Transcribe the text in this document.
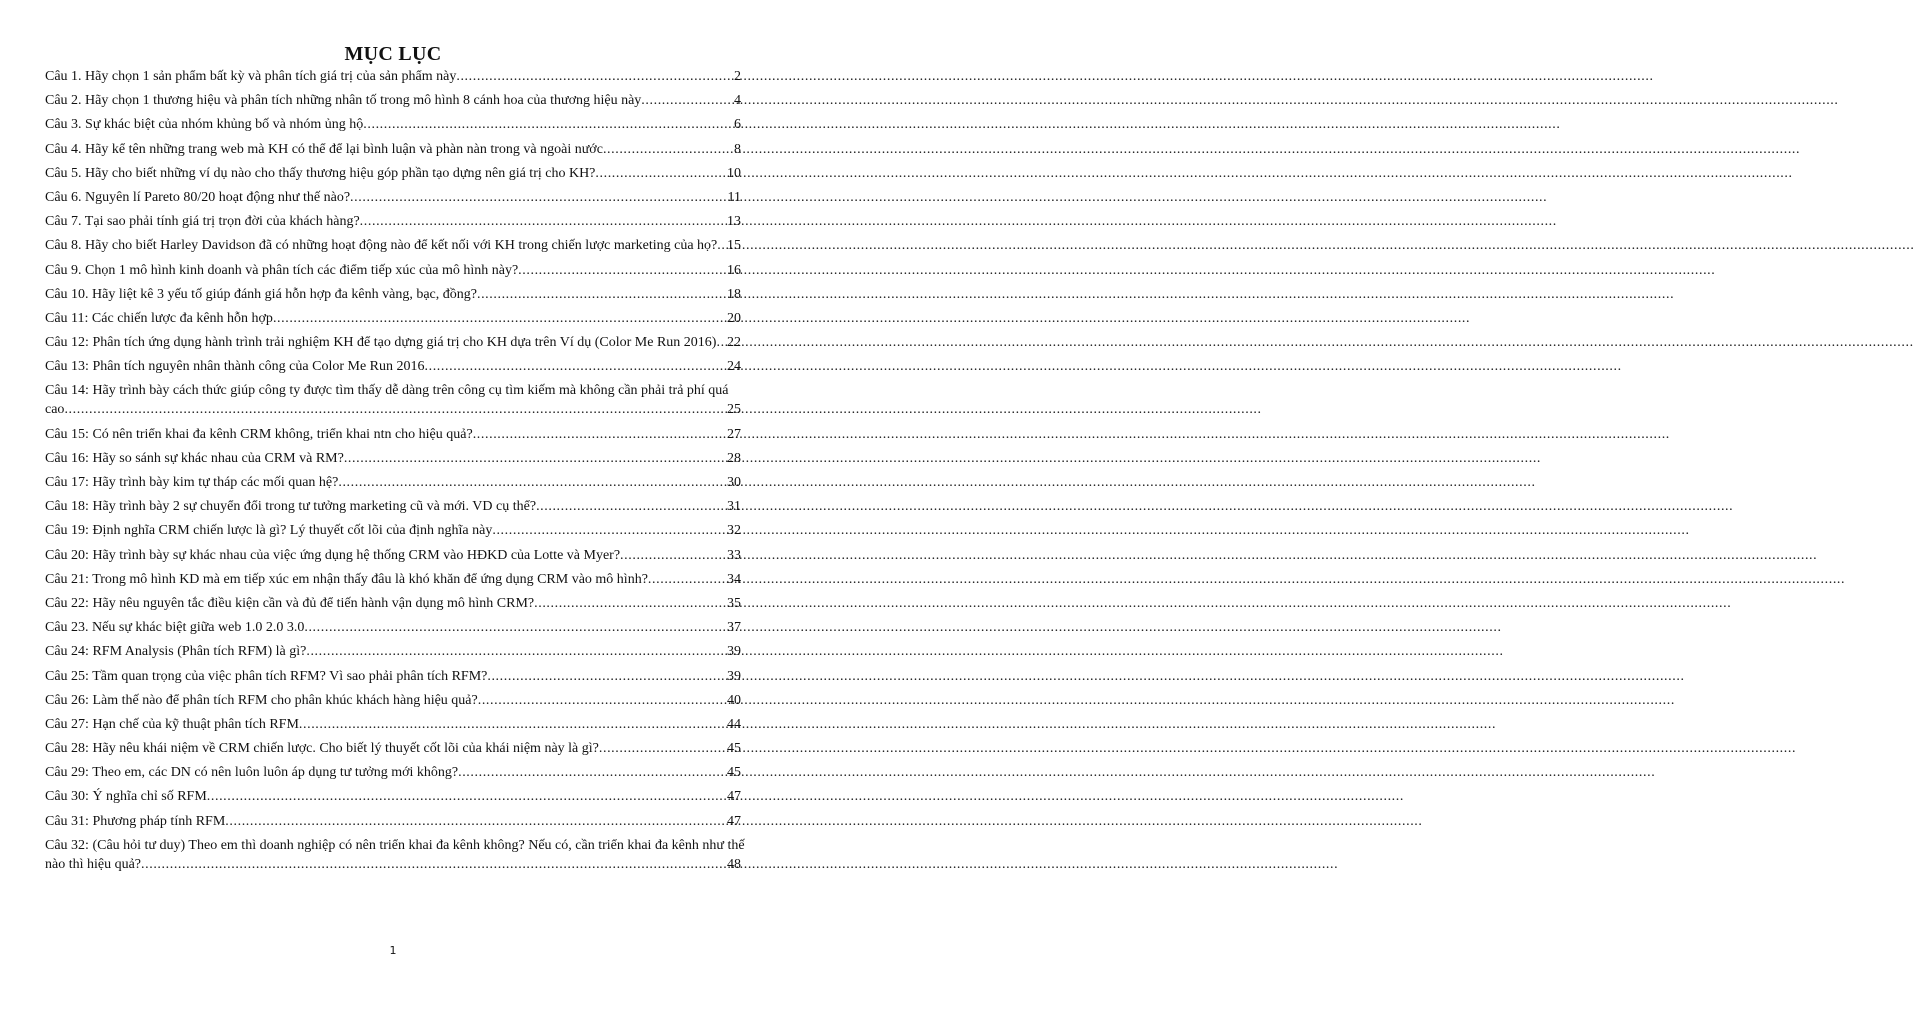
MỤC LỤC
Câu 1. Hãy chọn 1 sản phẩm bất kỳ và phân tích giá trị của sản phẩm này .....	2
Câu 2. Hãy chọn 1 thương hiệu và phân tích những nhân tố trong mô hình 8 cánh hoa của thương hiệu này .....	4
Câu 3. Sự khác biệt của nhóm khủng bố và nhóm ủng hộ .....	6
Câu 4. Hãy kể tên những trang web mà KH có thể để lại bình luận và phàn nàn trong và ngoài nước .....	8
Câu 5. Hãy cho biết những ví dụ nào cho thấy thương hiệu góp phần tạo dựng nên giá trị cho KH? .....	10
Câu 6. Nguyên lí Pareto 80/20 hoạt động như thế nào? .....	11
Câu 7. Tại sao phải tính giá trị trọn đời của khách hàng? .....	13
Câu 8. Hãy cho biết Harley Davidson đã có những hoạt động nào để kết nối với KH trong chiến lược marketing của họ? ..... 15
Câu 9. Chọn 1 mô hình kinh doanh và phân tích các điểm tiếp xúc của mô hình này? .....	16
Câu 10. Hãy liệt kê 3 yếu tố giúp đánh giá hỗn hợp đa kênh vàng, bạc, đồng? .....	18
Câu 11: Các chiến lược đa kênh hỗn hợp .....	20
Câu 12: Phân tích ứng dụng hành trình trải nghiệm KH để tạo dựng giá trị cho KH dựa trên Ví dụ (Color Me Run 2016) ..... 22
Câu 13: Phân tích nguyên nhân thành công của Color Me Run 2016 .....	24
Câu 14: Hãy trình bày cách thức giúp công ty được tìm thấy dễ dàng trên công cụ tìm kiếm mà không cần phải trả phí quá
cao .....	25
Câu 15: Có nên triển khai đa kênh CRM không, triển khai ntn cho hiệu quả? .....	27
Câu 16: Hãy so sánh sự khác nhau của CRM và RM? .....	28
Câu 17: Hãy trình bày kim tự tháp các mối quan hệ? .....	30
Câu 18: Hãy trình bày 2 sự chuyển đổi trong tư tưởng marketing cũ và mới. VD cụ thể? .....	31
Câu 19: Định nghĩa CRM chiến lược là gì? Lý thuyết cốt lõi của định nghĩa này .....	32
Câu 20: Hãy trình bày sự khác nhau của việc ứng dụng hệ thống CRM vào HĐKD của Lotte và Myer? .....	33
Câu 21: Trong mô hình KD mà em tiếp xúc em nhận thấy đâu là khó khăn để ứng dụng CRM vào mô hình? .....	34
Câu 22: Hãy nêu nguyên tắc điều kiện cần và đủ để tiến hành vận dụng mô hình CRM? .....	35
Câu 23. Nếu sự khác biệt giữa web 1.0 2.0 3.0 .....	37
Câu 24: RFM Analysis (Phân tích RFM) là gì? .....	39
Câu 25: Tầm quan trọng của việc phân tích RFM? Vì sao phải phân tích RFM? .....	39
Câu 26: Làm thế nào để phân tích RFM cho phân khúc khách hàng hiệu quả? .....	40
Câu 27: Hạn chế của kỹ thuật phân tích RFM .....	44
Câu 28: Hãy nêu khái niệm về CRM chiến lược. Cho biết lý thuyết cốt lõi của khái niệm này là gì? .....	45
Câu 29: Theo em, các DN có nên luôn luôn áp dụng tư tưởng mới không? .....	45
Câu 30: Ý nghĩa chỉ số RFM .....	47
Câu 31: Phương pháp tính RFM .....	47
Câu 32: (Câu hỏi tư duy) Theo em thì doanh nghiệp có nên triển khai đa kênh không? Nếu có, cần triển khai đa kênh như thế
nào thì hiệu quả? .....	48
1
